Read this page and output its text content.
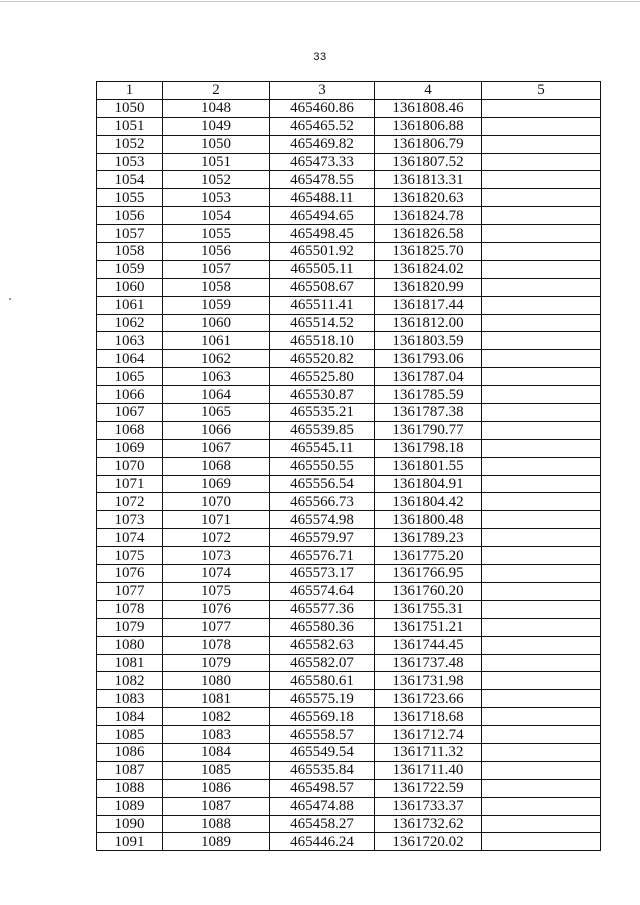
33
1	2	3	4	5
1050	1048	465460.86	1361808.46	
1051	1049	465465.52	1361806.88	
1052	1050	465469.82	1361806.79	
1053	1051	465473.33	1361807.52	
1054	1052	465478.55	1361813.31	
1055	1053	465488.11	1361820.63	
1056	1054	465494.65	1361824.78	
1057	1055	465498.45	1361826.58	
1058	1056	465501.92	1361825.70	
1059	1057	465505.11	1361824.02	
1060	1058	465508.67	1361820.99	
1061	1059	465511.41	1361817.44	
1062	1060	465514.52	1361812.00	
1063	1061	465518.10	1361803.59	
1064	1062	465520.82	1361793.06	
1065	1063	465525.80	1361787.04	
1066	1064	465530.87	1361785.59	
1067	1065	465535.21	1361787.38	
1068	1066	465539.85	1361790.77	
1069	1067	465545.11	1361798.18	
1070	1068	465550.55	1361801.55	
1071	1069	465556.54	1361804.91	
1072	1070	465566.73	1361804.42	
1073	1071	465574.98	1361800.48	
1074	1072	465579.97	1361789.23	
1075	1073	465576.71	1361775.20	
1076	1074	465573.17	1361766.95	
1077	1075	465574.64	1361760.20	
1078	1076	465577.36	1361755.31	
1079	1077	465580.36	1361751.21	
1080	1078	465582.63	1361744.45	
1081	1079	465582.07	1361737.48	
1082	1080	465580.61	1361731.98	
1083	1081	465575.19	1361723.66	
1084	1082	465569.18	1361718.68	
1085	1083	465558.57	1361712.74	
1086	1084	465549.54	1361711.32	
1087	1085	465535.84	1361711.40	
1088	1086	465498.57	1361722.59	
1089	1087	465474.88	1361733.37	
1090	1088	465458.27	1361732.62	
1091	1089	465446.24	1361720.02	
